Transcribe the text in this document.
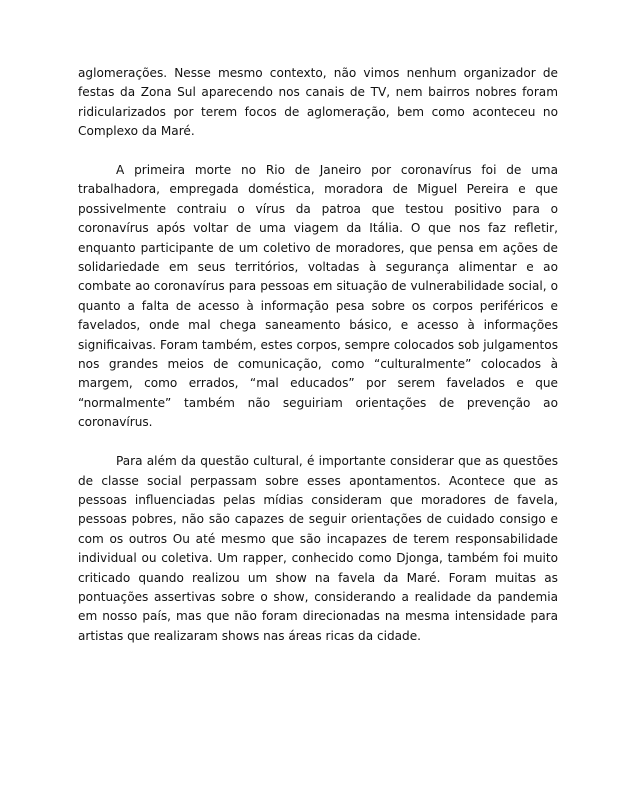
aglomerações. Nesse mesmo contexto, não vimos nenhum organizador de festas da Zona Sul aparecendo nos canais de TV, nem bairros nobres foram ridicularizados por terem focos de aglomeração, bem como aconteceu no Complexo da Maré.

A primeira morte no Rio de Janeiro por coronavírus foi de uma trabalhadora, empregada doméstica, moradora de Miguel Pereira e que possivelmente contraiu o vírus da patroa que testou positivo para o coronavírus após voltar de uma viagem da Itália. O que nos faz refletir, enquanto participante de um coletivo de moradores, que pensa em ações de solidariedade em seus territórios, voltadas à segurança alimentar e ao combate ao coronavírus para pessoas em situação de vulnerabilidade social, o quanto a falta de acesso à informação pesa sobre os corpos periféricos e favelados, onde mal chega saneamento básico, e acesso à informações significaivas. Foram também, estes corpos, sempre colocados sob julgamentos nos grandes meios de comunicação, como “culturalmente” colocados à margem, como errados, “mal educados” por serem favelados e que “normalmente” também não seguiriam orientações de prevenção ao coronavírus.

Para além da questão cultural, é importante considerar que as questões de classe social perpassam sobre esses apontamentos. Acontece que as pessoas influenciadas pelas mídias consideram que moradores de favela, pessoas pobres, não são capazes de seguir orientações de cuidado consigo e com os outros Ou até mesmo que são incapazes de terem responsabilidade individual ou coletiva. Um rapper, conhecido como Djonga, também foi muito criticado quando realizou um show na favela da Maré. Foram muitas as pontuações assertivas sobre o show, considerando a realidade da pandemia em nosso país, mas que não foram direcionadas na mesma intensidade para artistas que realizaram shows nas áreas ricas da cidade.
